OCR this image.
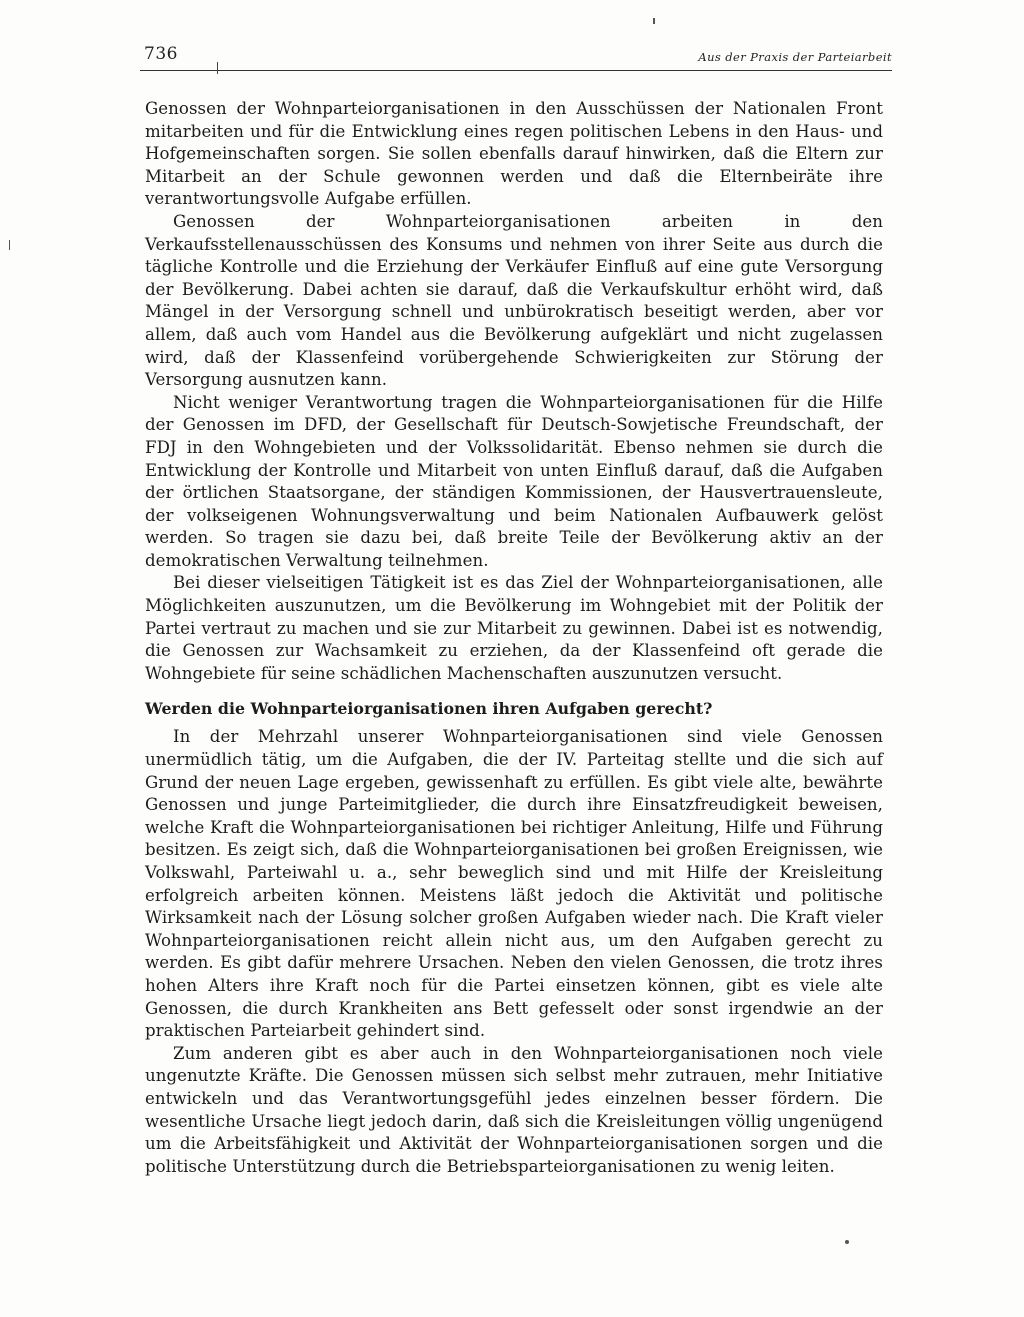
736	Aus der Praxis der Parteiarbeit

Genossen der Wohnparteiorganisationen in den Ausschüssen der Nationalen Front mitarbeiten und für die Entwicklung eines regen politischen Lebens in den Haus- und Hofgemeinschaften sorgen. Sie sollen ebenfalls darauf hinwirken, daß die Eltern zur Mitarbeit an der Schule gewonnen werden und daß die Elternbeiräte ihre verantwortungsvolle Aufgabe erfüllen.

Genossen der Wohnparteiorganisationen arbeiten in den Verkaufsstellenausschüssen des Konsums und nehmen von ihrer Seite aus durch die tägliche Kontrolle und die Erziehung der Verkäufer Einfluß auf eine gute Versorgung der Bevölkerung. Dabei achten sie darauf, daß die Verkaufskultur erhöht wird, daß Mängel in der Versorgung schnell und unbürokratisch beseitigt werden, aber vor allem, daß auch vom Handel aus die Bevölkerung aufgeklärt und nicht zugelassen wird, daß der Klassenfeind vorübergehende Schwierigkeiten zur Störung der Versorgung ausnutzen kann.

Nicht weniger Verantwortung tragen die Wohnparteiorganisationen für die Hilfe der Genossen im DFD, der Gesellschaft für Deutsch-Sowjetische Freundschaft, der FDJ in den Wohngebieten und der Volkssolidarität. Ebenso nehmen sie durch die Entwicklung der Kontrolle und Mitarbeit von unten Einfluß darauf, daß die Aufgaben der örtlichen Staatsorgane, der ständigen Kommissionen, der Hausvertrauensleute, der volkseigenen Wohnungsverwaltung und beim Nationalen Aufbauwerk gelöst werden. So tragen sie dazu bei, daß breite Teile der Bevölkerung aktiv an der demokratischen Verwaltung teilnehmen.

Bei dieser vielseitigen Tätigkeit ist es das Ziel der Wohnparteiorganisationen, alle Möglichkeiten auszunutzen, um die Bevölkerung im Wohngebiet mit der Politik der Partei vertraut zu machen und sie zur Mitarbeit zu gewinnen. Dabei ist es notwendig, die Genossen zur Wachsamkeit zu erziehen, da der Klassenfeind oft gerade die Wohngebiete für seine schädlichen Machenschaften auszunutzen versucht.

Werden die Wohnparteiorganisationen ihren Aufgaben gerecht?

In der Mehrzahl unserer Wohnparteiorganisationen sind viele Genossen unermüdlich tätig, um die Aufgaben, die der IV. Parteitag stellte und die sich auf Grund der neuen Lage ergeben, gewissenhaft zu erfüllen. Es gibt viele alte, bewährte Genossen und junge Parteimitglieder, die durch ihre Einsatzfreudigkeit beweisen, welche Kraft die Wohnparteiorganisationen bei richtiger Anleitung, Hilfe und Führung besitzen. Es zeigt sich, daß die Wohnparteiorganisationen bei großen Ereignissen, wie Volkswahl, Parteiwahl u. a., sehr beweglich sind und mit Hilfe der Kreisleitung erfolgreich arbeiten können. Meistens läßt jedoch die Aktivität und politische Wirksamkeit nach der Lösung solcher großen Aufgaben wieder nach. Die Kraft vieler Wohnparteiorganisationen reicht allein nicht aus, um den Aufgaben gerecht zu werden. Es gibt dafür mehrere Ursachen. Neben den vielen Genossen, die trotz ihres hohen Alters ihre Kraft noch für die Partei einsetzen können, gibt es viele alte Genossen, die durch Krankheiten ans Bett gefesselt oder sonst irgendwie an der praktischen Parteiarbeit gehindert sind.

Zum anderen gibt es aber auch in den Wohnparteiorganisationen noch viele ungenutzte Kräfte. Die Genossen müssen sich selbst mehr zutrauen, mehr Initiative entwickeln und das Verantwortungsgefühl jedes einzelnen besser fördern. Die wesentliche Ursache liegt jedoch darin, daß sich die Kreisleitungen völlig ungenügend um die Arbeitsfähigkeit und Aktivität der Wohnparteiorganisationen sorgen und die politische Unterstützung durch die Betriebsparteiorganisationen zu wenig leiten.
